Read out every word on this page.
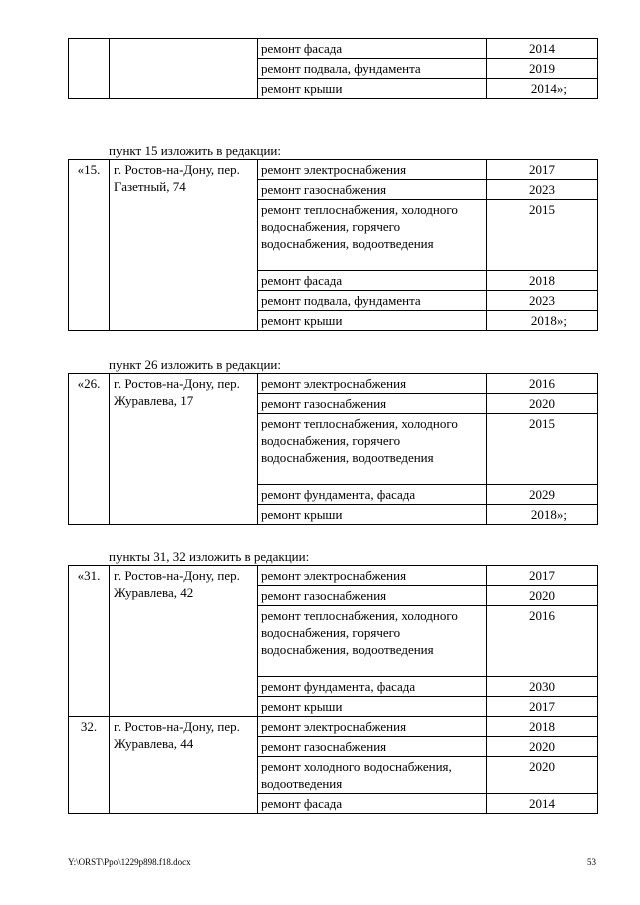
		ремонт фасада	2014
		ремонт подвала, фундамента	2019
		ремонт крыши	2014»;
пункт 15 изложить в редакции:
«15.	г. Ростов-на-Дону, пер. Газетный, 74	ремонт электроснабжения	2017
		ремонт газоснабжения	2023
		ремонт теплоснабжения, холодного водоснабжения, горячего водоснабжения, водоотведения	2015
		ремонт фасада	2018
		ремонт подвала, фундамента	2023
		ремонт крыши	2018»;
пункт 26 изложить в редакции:
«26.	г. Ростов-на-Дону, пер. Журавлева, 17	ремонт электроснабжения	2016
		ремонт газоснабжения	2020
		ремонт теплоснабжения, холодного водоснабжения, горячего водоснабжения, водоотведения	2015
		ремонт фундамента, фасада	2029
		ремонт крыши	2018»;
пункты 31, 32 изложить в редакции:
«31.	г. Ростов-на-Дону, пер. Журавлева, 42	ремонт электроснабжения	2017
		ремонт газоснабжения	2020
		ремонт теплоснабжения, холодного водоснабжения, горячего водоснабжения, водоотведения	2016
		ремонт фундамента, фасада	2030
		ремонт крыши	2017
32.	г. Ростов-на-Дону, пер. Журавлева, 44	ремонт электроснабжения	2018
		ремонт газоснабжения	2020
		ремонт холодного водоснабжения, водоотведения	2020
		ремонт фасада	2014
Y:\ORST\Ppo\1229p898.f18.docx	53
